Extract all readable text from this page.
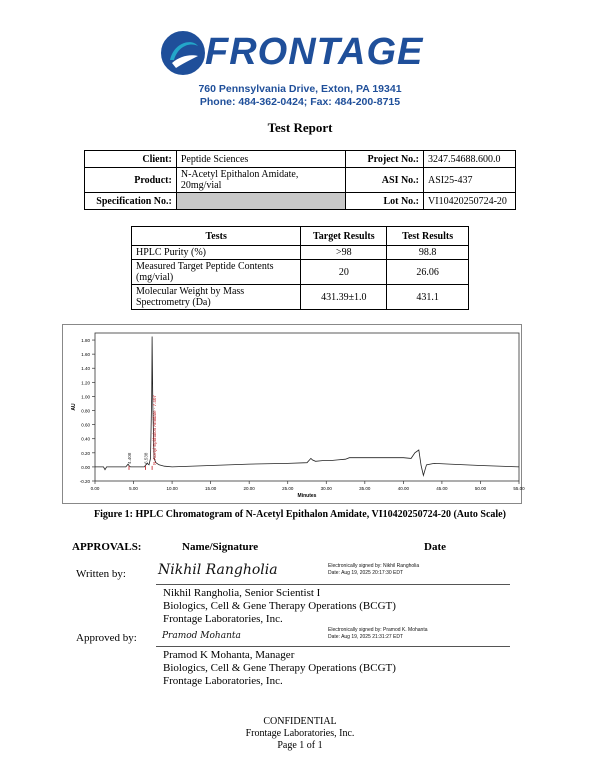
FRONTAGE
760 Pennsylvania Drive, Exton, PA 19341
Phone: 484-362-0424; Fax: 484-200-8715
Test Report
Client:	Peptide Sciences	Project No.:	3247.54688.600.0
Product:	N-Acetyl Epithalon Amidate, 20mg/vial	ASI No.:	ASI25-437
Specification No.:		Lot No.:	VI10420250724-20
Tests	Target Results	Test Results
HPLC Purity (%)	>98	98.8
Measured Target Peptide Contents (mg/vial)	20	26.06
Molecular Weight by Mass Spectrometry (Da)	431.39±1.0	431.1
-0.20
0.00
0.20
0.40
0.60
0.80
1.00
1.20
1.40
1.60
1.80
0.00	5.00	10.00	15.00	20.00	25.00	30.00	35.00	40.00	45.00	50.00	55.00
Minutes
AU
4.408	6.538 N-Acetyl Epithalon Amidate - 7.407
Figure 1: HPLC Chromatogram of N-Acetyl Epithalon Amidate, VI10420250724-20 (Auto Scale)
APPROVALS:	Name/Signature	Date
Written by: Nikhil Rangholia	Electronically signed by: Nikhil Rangholia
Date: Aug 19, 2025 20:17:30 EDT
Nikhil Rangholia, Senior Scientist I
Biologics, Cell & Gene Therapy Operations (BCGT)
Frontage Laboratories, Inc.
Approved by:	Pramod Mohanta
Electronically signed by: Pramod K. Mohanta
Date: Aug 19, 2025 21:31:27 EDT
Pramod K Mohanta, Manager
Biologics, Cell & Gene Therapy Operations (BCGT)
Frontage Laboratories, Inc.
CONFIDENTIAL
Frontage Laboratories, Inc.
Page 1 of 1
